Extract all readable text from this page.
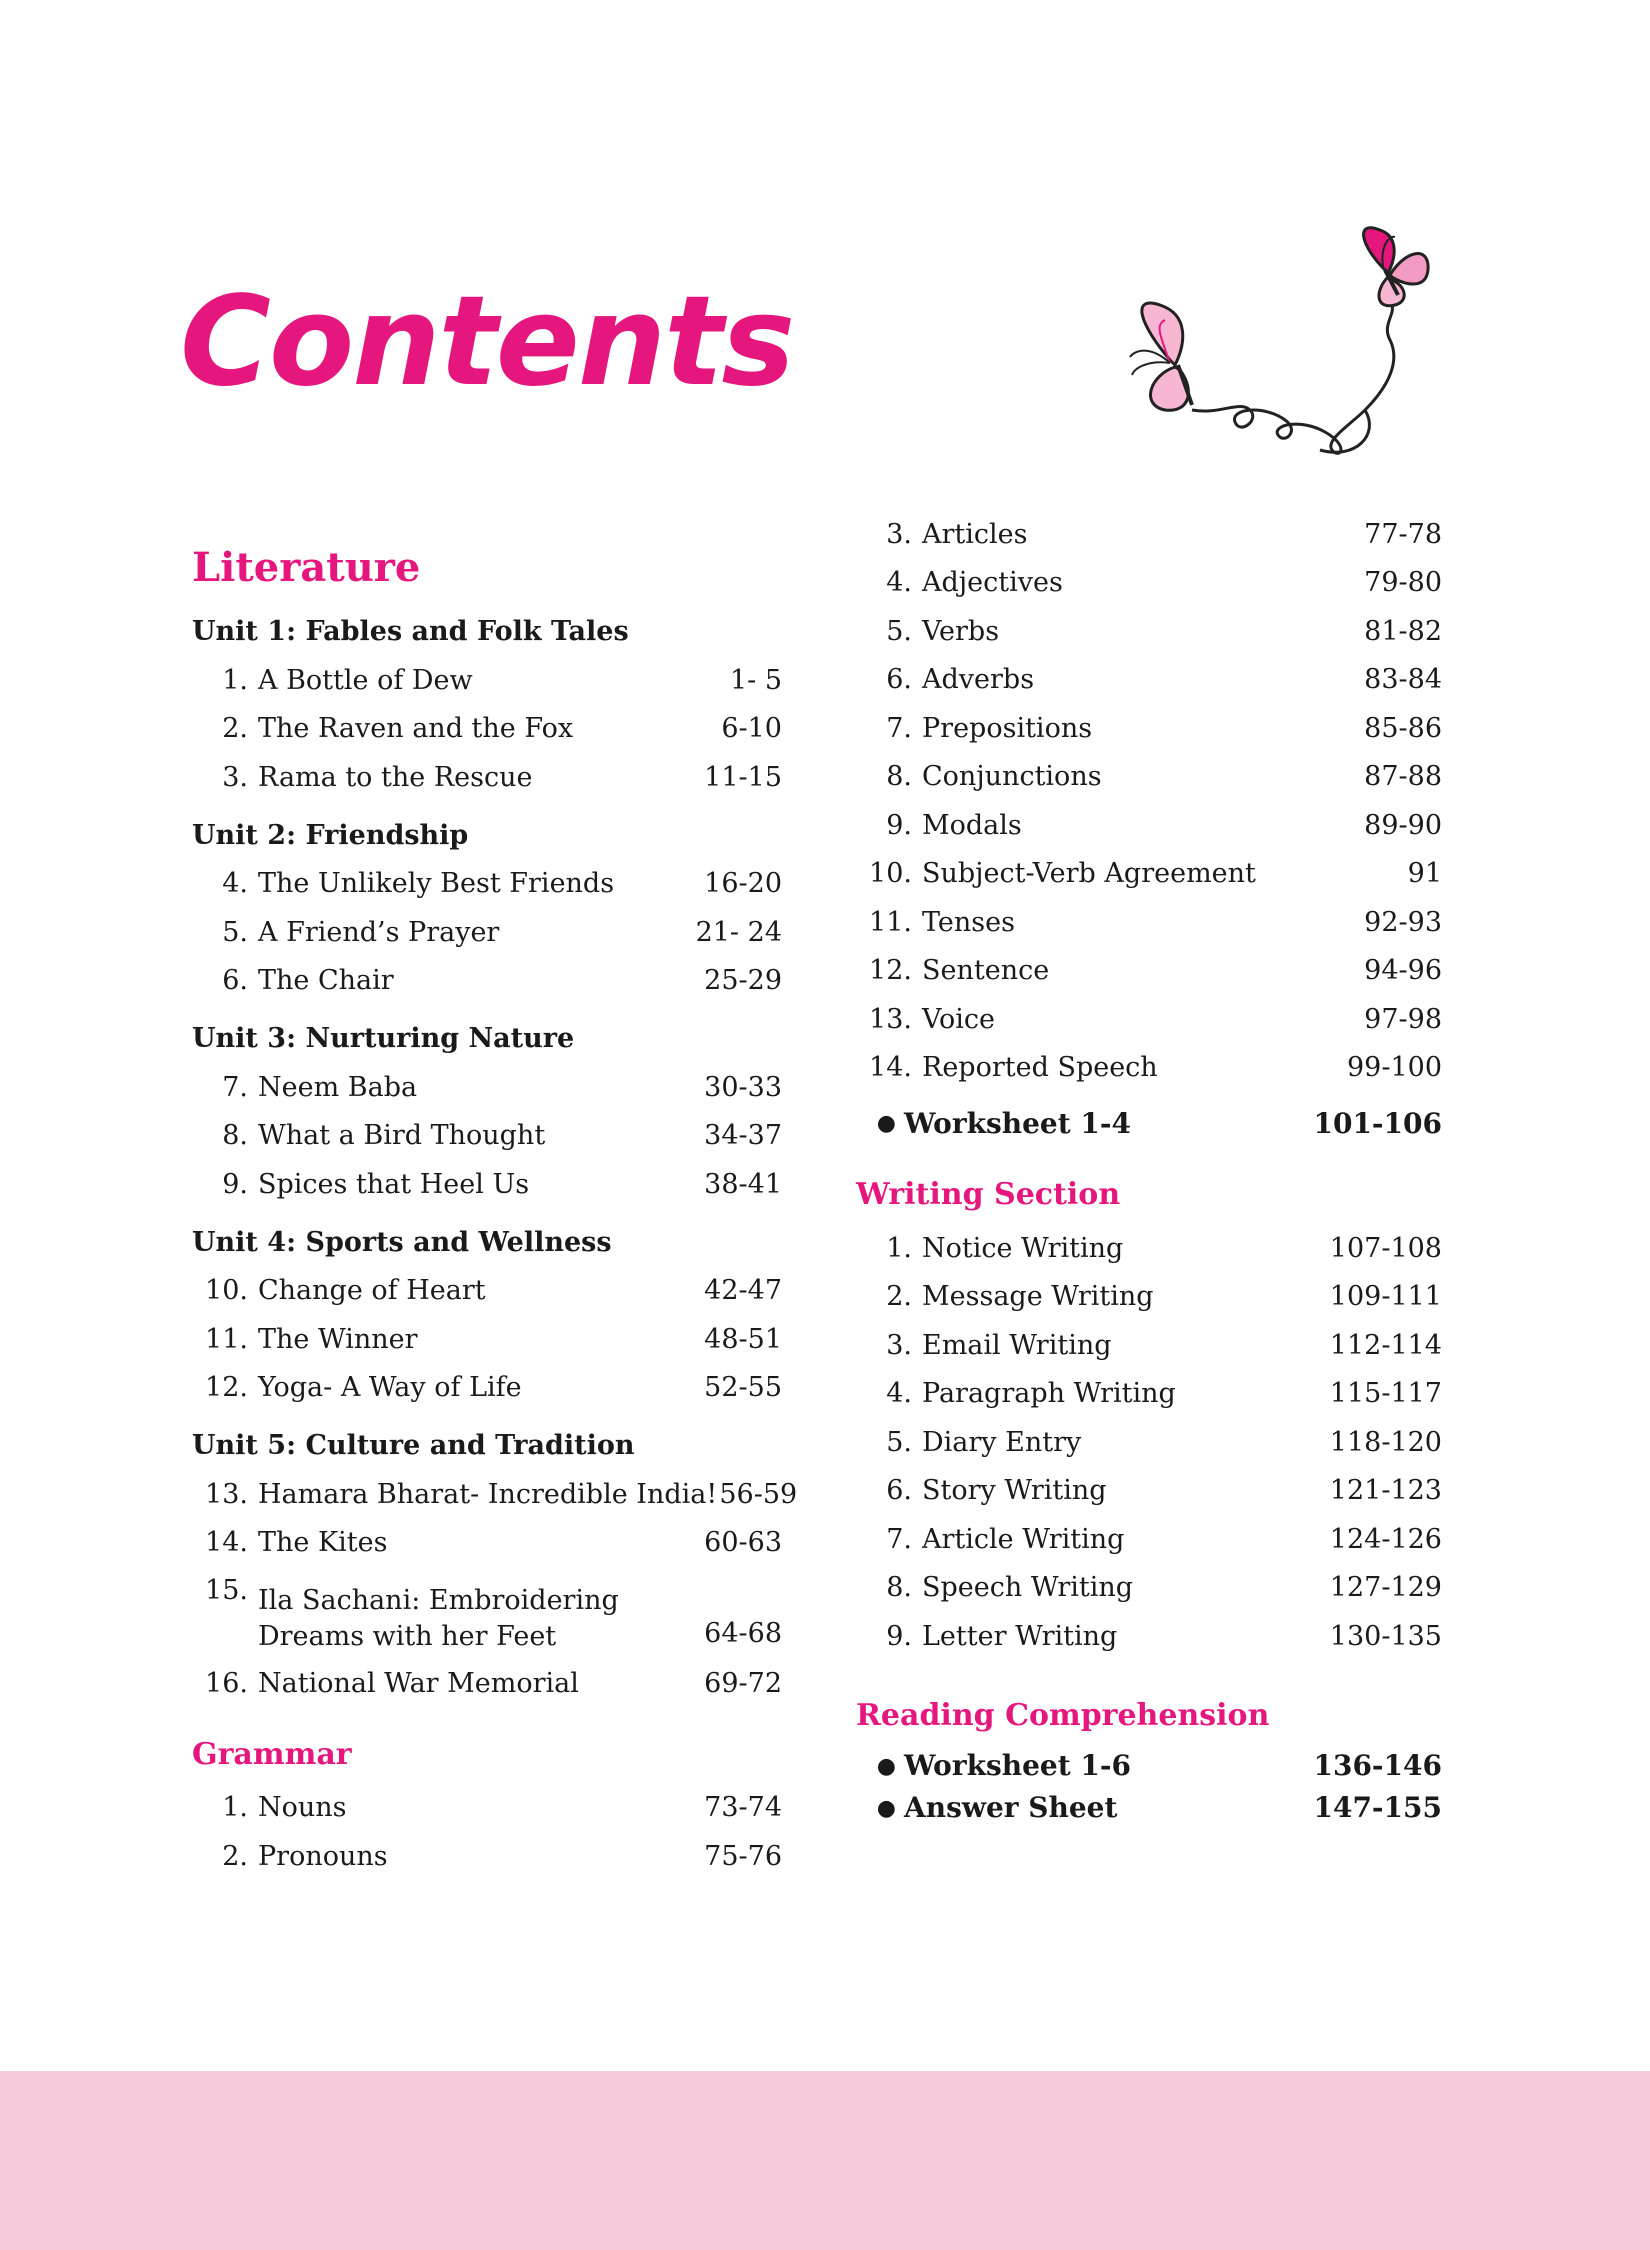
Contents
Literature
Unit 1: Fables and Folk Tales
1. A Bottle of Dew	1- 5
2. The Raven and the Fox	6-10
3. Rama to the Rescue	11-15
Unit 2: Friendship
4. The Unlikely Best Friends	16-20
5. A Friend’s Prayer	21- 24
6. The Chair	25-29
Unit 3: Nurturing Nature
7. Neem Baba	30-33
8. What a Bird Thought	34-37
9. Spices that Heel Us	38-41
Unit 4: Sports and Wellness
10. Change of Heart	42-47
11. The Winner	48-51
12. Yoga- A Way of Life	52-55
Unit 5: Culture and Tradition
13. Hamara Bharat- Incredible India! 56-59
14. The Kites	60-63
15. Ila Sachani: Embroidering Dreams with her Feet	64-68
16. National War Memorial	69-72
Grammar
1. Nouns	73-74
2. Pronouns	75-76
3. Articles	77-78
4. Adjectives	79-80
5. Verbs	81-82
6. Adverbs	83-84
7. Prepositions	85-86
8. Conjunctions	87-88
9. Modals	89-90
10. Subject-Verb Agreement	91
11. Tenses	92-93
12. Sentence	94-96
13. Voice	97-98
14. Reported Speech	99-100
● Worksheet 1-4	101-106
Writing Section
1. Notice Writing	107-108
2. Message Writing	109-111
3. Email Writing	112-114
4. Paragraph Writing	115-117
5. Diary Entry	118-120
6. Story Writing	121-123
7. Article Writing	124-126
8. Speech Writing	127-129
9. Letter Writing	130-135
Reading Comprehension
● Worksheet 1-6	136-146
● Answer Sheet	147-155
